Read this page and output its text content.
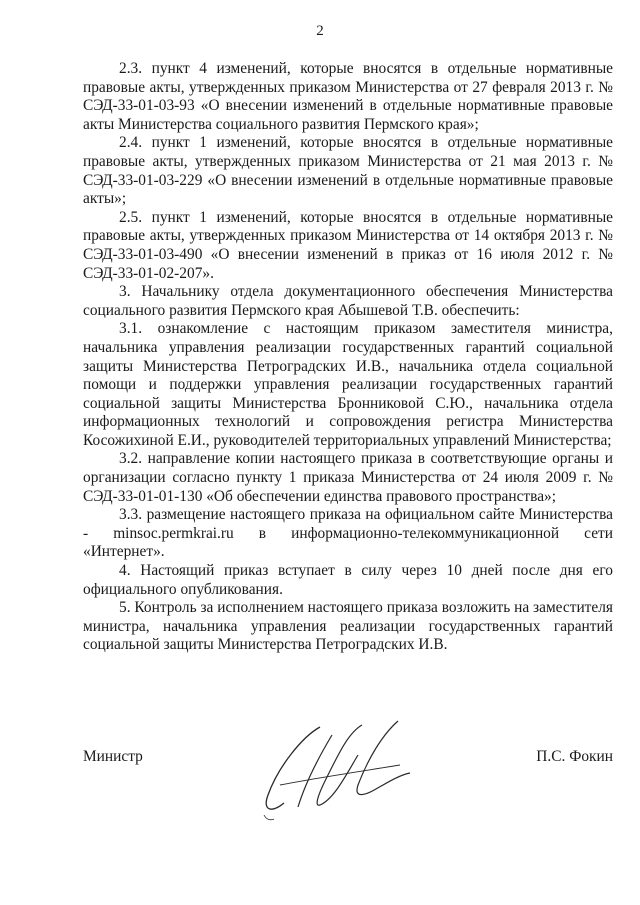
2

2.3. пункт 4 изменений, которые вносятся в отдельные нормативные правовые акты, утвержденных приказом Министерства от 27 февраля 2013 г. № СЭД-33-01-03-93 «О внесении изменений в отдельные нормативные правовые акты Министерства социального развития Пермского края»;

2.4. пункт 1 изменений, которые вносятся в отдельные нормативные правовые акты, утвержденных приказом Министерства от 21 мая 2013 г. № СЭД-33-01-03-229 «О внесении изменений в отдельные нормативные правовые акты»;

2.5. пункт 1 изменений, которые вносятся в отдельные нормативные правовые акты, утвержденных приказом Министерства от 14 октября 2013 г. № СЭД-33-01-03-490 «О внесении изменений в приказ от 16 июля 2012 г. № СЭД-33-01-02-207».

3. Начальнику отдела документационного обеспечения Министерства социального развития Пермского края Абышевой Т.В. обеспечить:

3.1. ознакомление с настоящим приказом заместителя министра, начальника управления реализации государственных гарантий социальной защиты Министерства Петроградских И.В., начальника отдела социальной помощи и поддержки управления реализации государственных гарантий социальной защиты Министерства Бронниковой С.Ю., начальника отдела информационных технологий и сопровождения регистра Министерства Косожихиной Е.И., руководителей территориальных управлений Министерства;

3.2. направление копии настоящего приказа в соответствующие органы и организации согласно пункту 1 приказа Министерства от 24 июля 2009 г. № СЭД-33-01-01-130 «Об обеспечении единства правового пространства»;

3.3. размещение настоящего приказа на официальном сайте Министерства - minsoc.permkrai.ru в информационно-телекоммуникационной сети «Интернет».

4. Настоящий приказ вступает в силу через 10 дней после дня его официального опубликования.

5. Контроль за исполнением настоящего приказа возложить на заместителя министра, начальника управления реализации государственных гарантий социальной защиты Министерства Петроградских И.В.

Министр	П.С. Фокин
